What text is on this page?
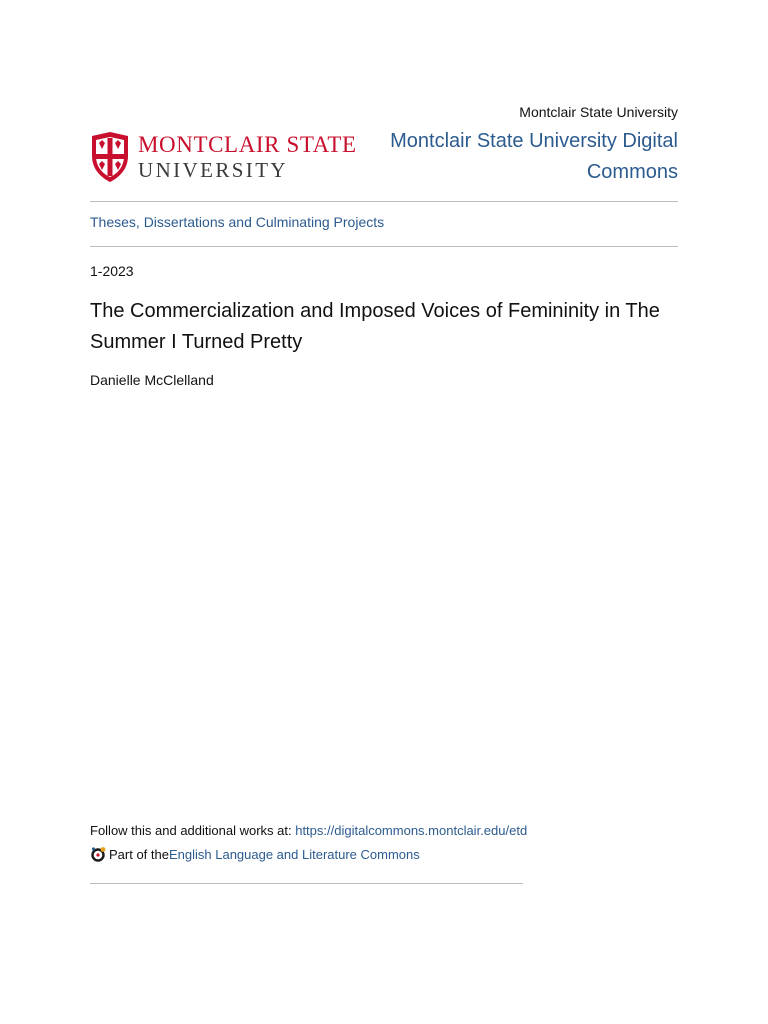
MONTCLAIR STATE
UNIVERSITY
Montclair State University
Montclair State University Digital Commons
Theses, Dissertations and Culminating Projects
1-2023
The Commercialization and Imposed Voices of Femininity in The Summer I Turned Pretty
Danielle McClelland
Follow this and additional works at: https://digitalcommons.montclair.edu/etd
Part of the English Language and Literature Commons
